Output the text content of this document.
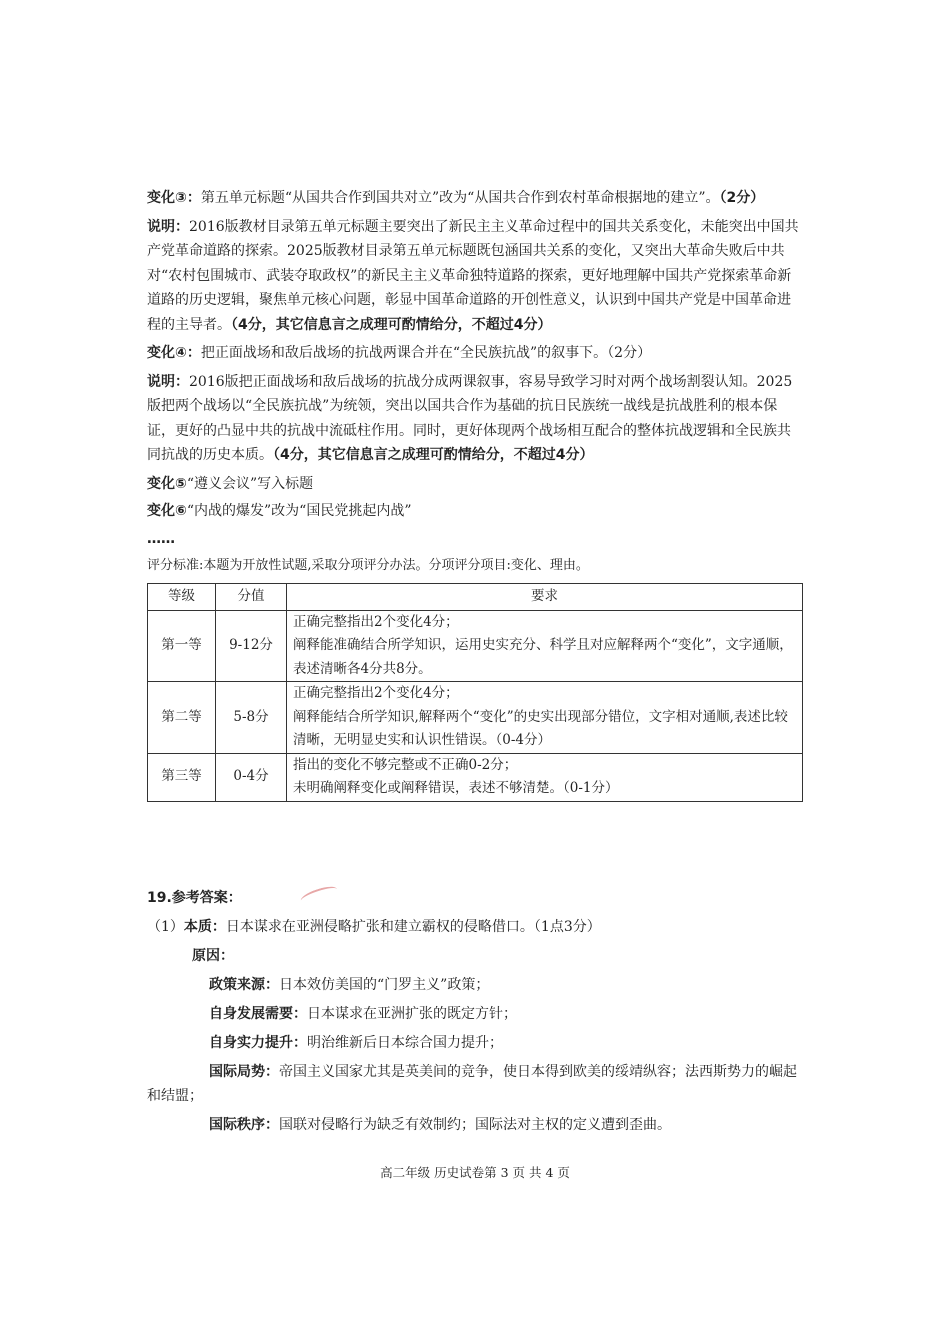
变化③：第五单元标题“从国共合作到国共对立”改为“从国共合作到农村革命根据地的建立”。（2分）

说明：2016版教材目录第五单元标题主要突出了新民主主义革命过程中的国共关系变化，未能突出中国共产党革命道路的探索。2025版教材目录第五单元标题既包涵国共关系的变化，又突出大革命失败后中共对“农村包围城市、武装夺取政权”的新民主主义革命独特道路的探索，更好地理解中国共产党探索革命新道路的历史逻辑，聚焦单元核心问题，彰显中国革命道路的开创性意义，认识到中国共产党是中国革命进程的主导者。（4分，其它信息言之成理可酌情给分，不超过4分）

变化④：把正面战场和敌后战场的抗战两课合并在“全民族抗战”的叙事下。（2分）

说明：2016版把正面战场和敌后战场的抗战分成两课叙事，容易导致学习时对两个战场割裂认知。2025版把两个战场以“全民族抗战”为统领，突出以国共合作为基础的抗日民族统一战线是抗战胜利的根本保证，更好的凸显中共的抗战中流砥柱作用。同时，更好体现两个战场相互配合的整体抗战逻辑和全民族共同抗战的历史本质。（4分，其它信息言之成理可酌情给分，不超过4分）

变化⑤“遵义会议”写入标题

变化⑥“内战的爆发”改为“国民党挑起内战”

……

评分标准:本题为开放性试题,采取分项评分办法。分项评分项目:变化、理由。

等级	分值	要求
第一等	9-12分	正确完整指出2个变化4分；
阐释能准确结合所学知识，运用史实充分、科学且对应解释两个“变化”，文字通顺，表述清晰各4分共8分。

第二等	5-8分	正确完整指出2个变化4分；
阐释能结合所学知识,解释两个“变化”的史实出现部分错位，文字相对通顺,表述比较清晰，无明显史实和认识性错误。（0-4分）

第三等	0-4分	指出的变化不够完整或不正确0-2分；
未明确阐释变化或阐释错误，表述不够清楚。（0-1分）

19.参考答案：

（1）本质：日本谋求在亚洲侵略扩张和建立霸权的侵略借口。（1点3分）

原因：

政策来源：日本效仿美国的“门罗主义”政策；

自身发展需要：日本谋求在亚洲扩张的既定方针；

自身实力提升：明治维新后日本综合国力提升；

国际局势：帝国主义国家尤其是英美间的竞争，使日本得到欧美的绥靖纵容；法西斯势力的崛起和结盟；

国际秩序：国联对侵略行为缺乏有效制约；国际法对主权的定义遭到歪曲。

高二年级 历史试卷第 3 页 共 4 页
